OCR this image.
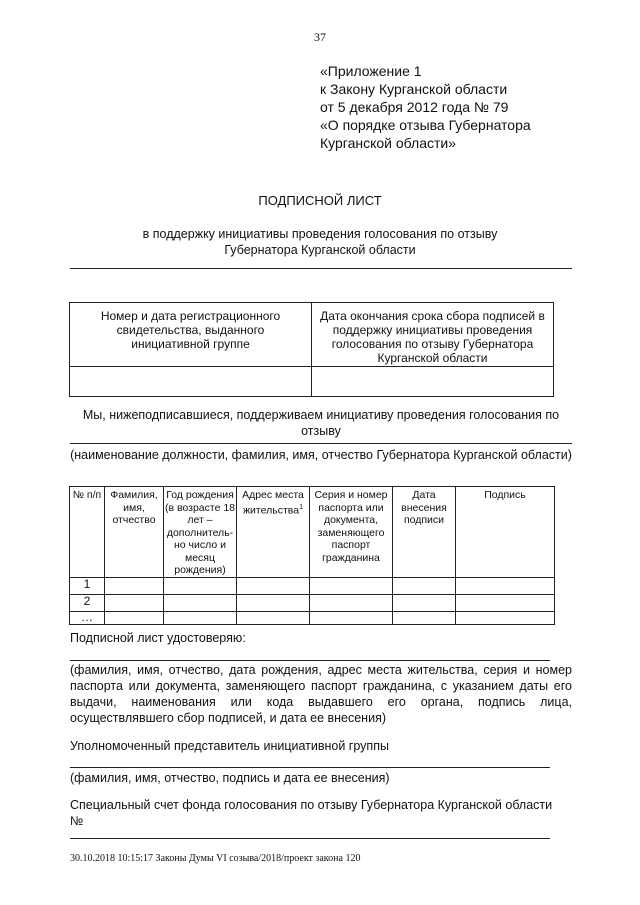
37
«Приложение 1
к Закону Курганской области
от 5 декабря 2012 года № 79
«О порядке отзыва Губернатора
Курганской области»
ПОДПИСНОЙ ЛИСТ
в поддержку инициативы проведения голосования по отзыву
Губернатора Курганской области
Номер и дата регистрационного свидетельства, выданного инициативной группе	Дата окончания срока сбора подписей в поддержку инициативы проведения голосования по отзыву Губернатора Курганской области

Мы, нижеподписавшиеся, поддерживаем инициативу проведения голосования по отзыву
(наименование должности, фамилия, имя, отчество Губернатора Курганской области)
№ п/п	Фамилия, имя, отчество	Год рождения (в возрасте 18 лет – дополнитель-но число и месяц рождения)	Адрес места жительства$^1$	Серия и номер паспорта или документа, заменяющего паспорт гражданина	Дата внесения подписи	Подпись
1						
2						
…						
Подписной лист удостоверяю:
(фамилия, имя, отчество, дата рождения, адрес места жительства, серия и номер паспорта или документа, заменяющего паспорт гражданина, с указанием даты его выдачи, наименования или кода выдавшего его органа, подпись лица, осуществлявшего сбор подписей, и дата ее внесения)
Уполномоченный представитель инициативной группы
(фамилия, имя, отчество, подпись и дата ее внесения)
Специальный счет фонда голосования по отзыву Губернатора Курганской области
№
30.10.2018 10:15:17 Законы Думы VI созыва/2018/проект закона 120
